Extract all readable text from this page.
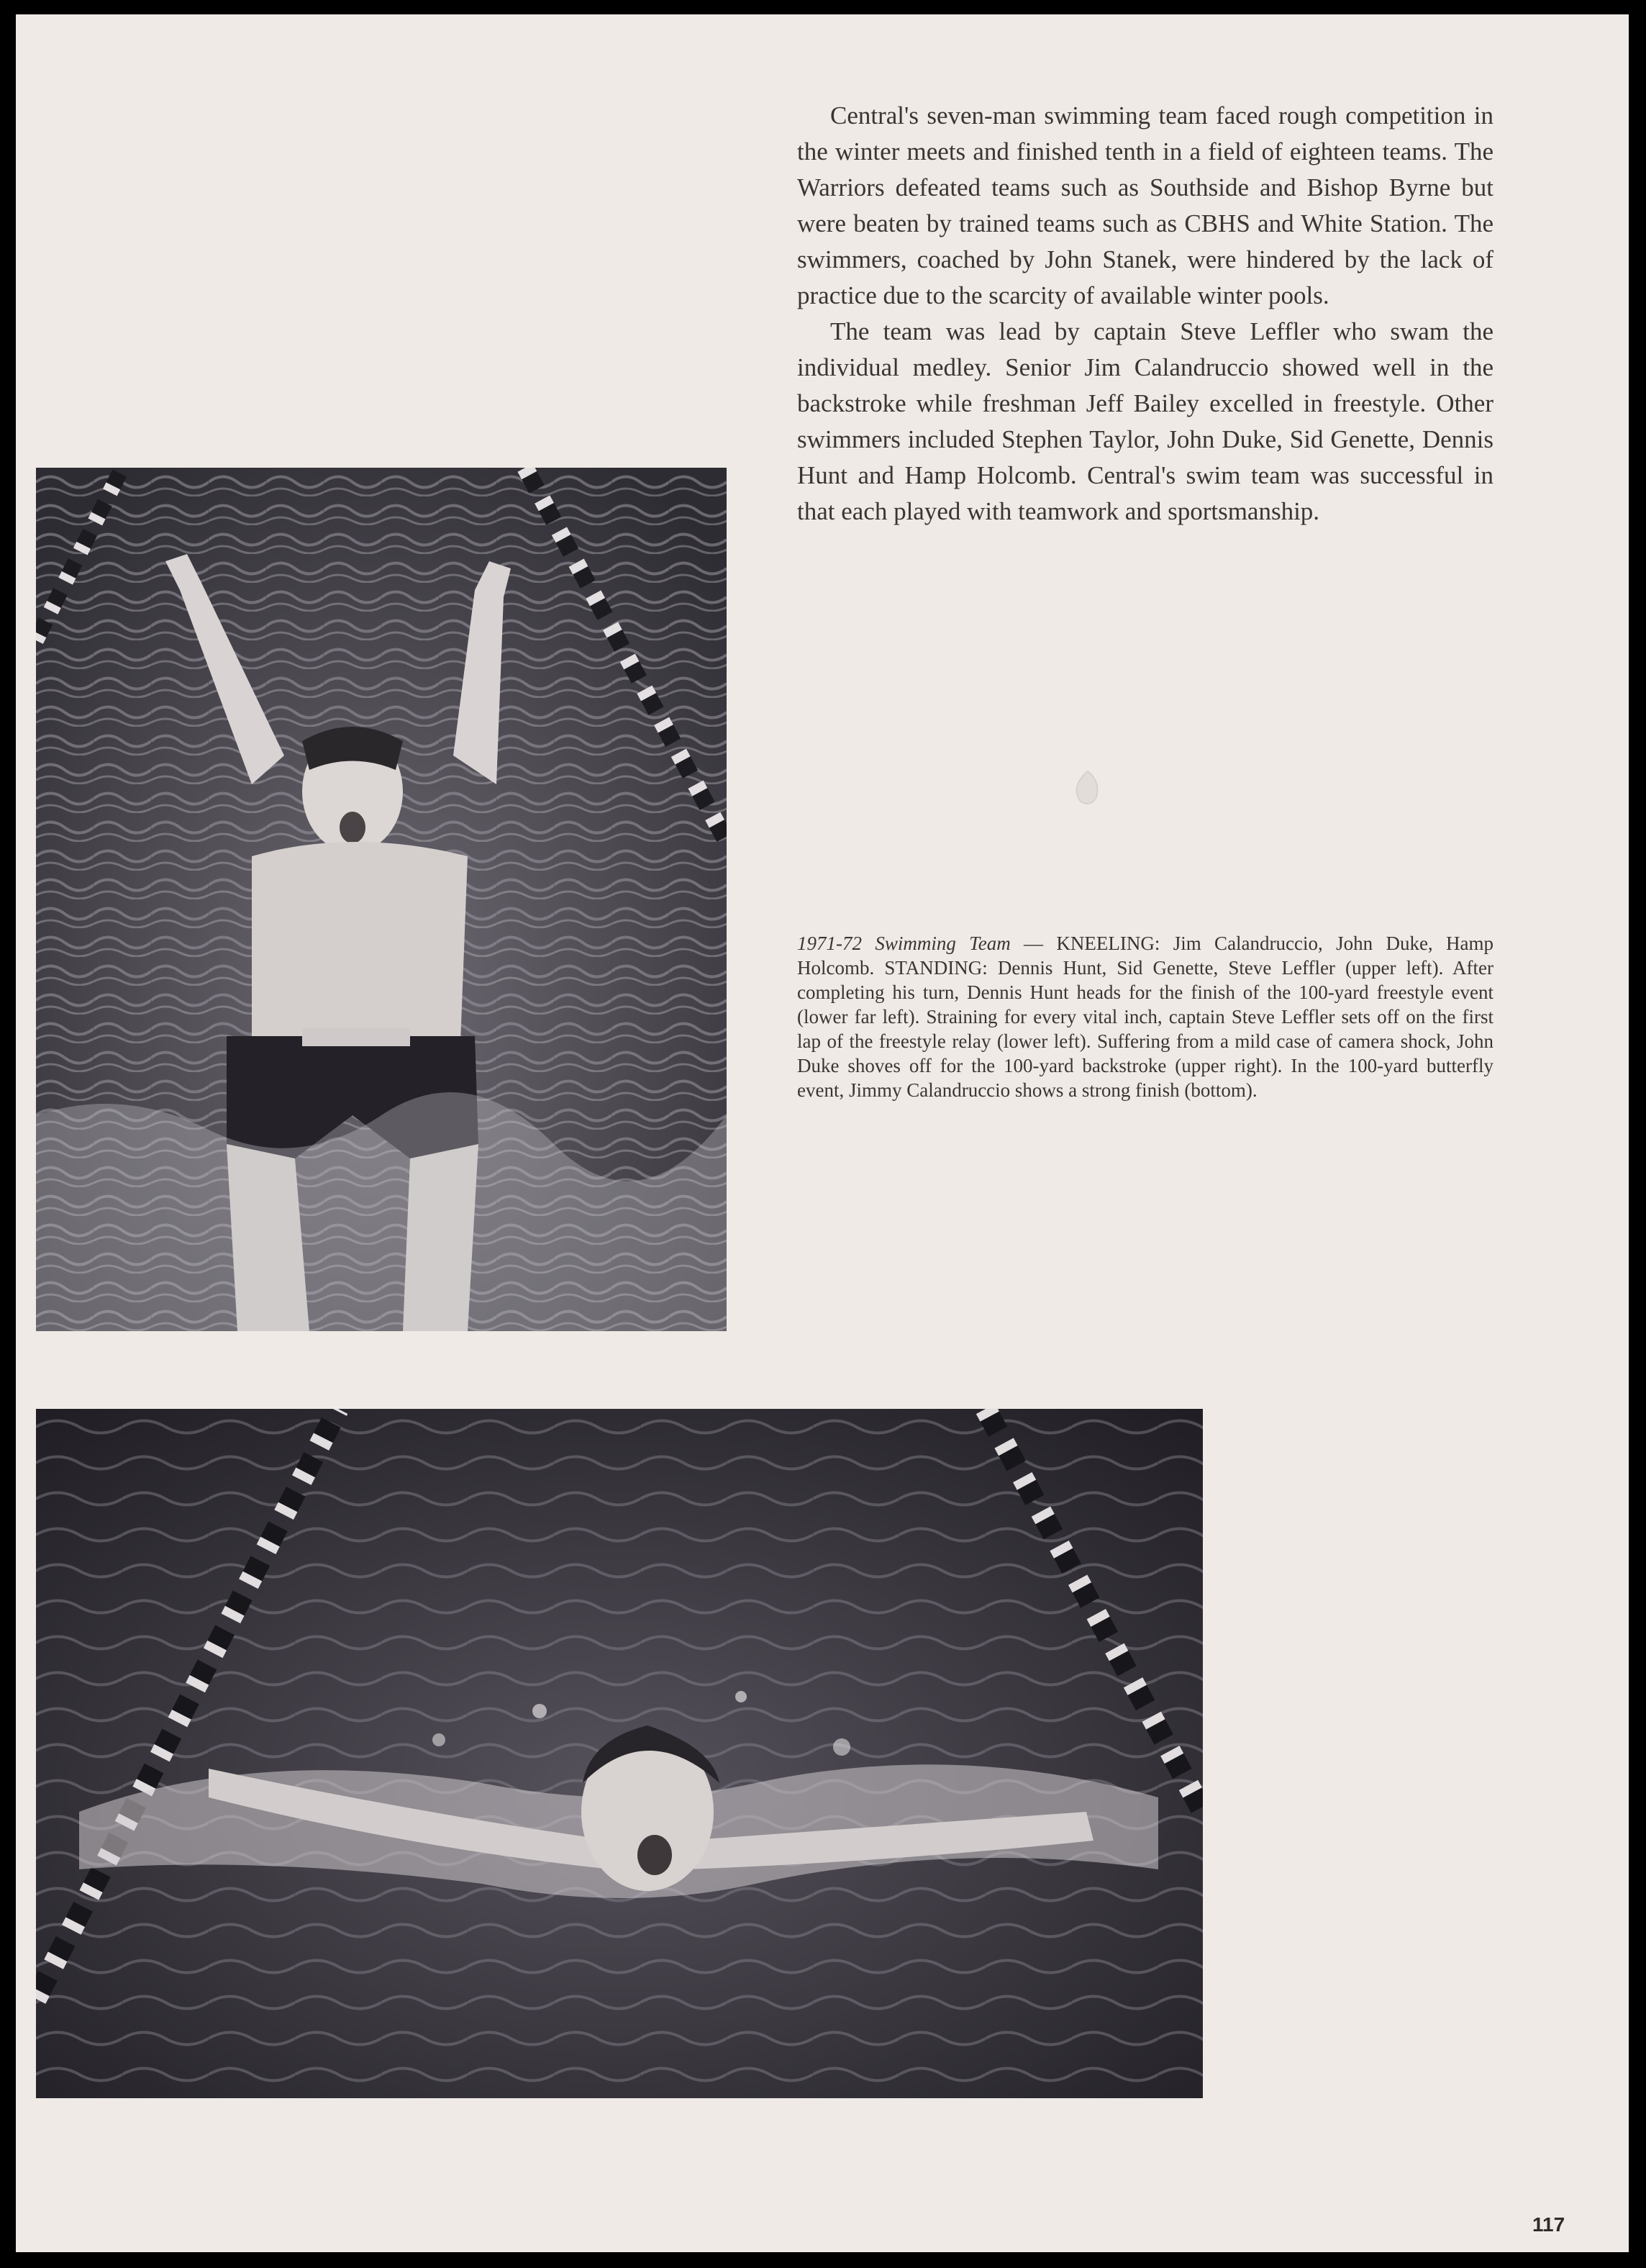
Central's seven-man swimming team faced rough competition in the winter meets and finished tenth in a field of eighteen teams. The Warriors defeated teams such as Southside and Bishop Byrne but were beaten by trained teams such as CBHS and White Station. The swimmers, coached by John Stanek, were hindered by the lack of practice due to the scarcity of available winter pools.

The team was lead by captain Steve Leffler who swam the individual medley. Senior Jim Calandruccio showed well in the backstroke while freshman Jeff Bailey excelled in freestyle. Other swimmers included Stephen Taylor, John Duke, Sid Genette, Dennis Hunt and Hamp Holcomb. Central's swim team was successful in that each played with teamwork and sportsmanship.

1971-72 Swimming Team — KNEELING: Jim Calandruccio, John Duke, Hamp Holcomb. STANDING: Dennis Hunt, Sid Genette, Steve Leffler (upper left). After completing his turn, Dennis Hunt heads for the finish of the 100-yard freestyle event (lower far left). Straining for every vital inch, captain Steve Leffler sets off on the first lap of the freestyle relay (lower left). Suffering from a mild case of camera shock, John Duke shoves off for the 100-yard backstroke (upper right). In the 100-yard butterfly event, Jimmy Calandruccio shows a strong finish (bottom).
117
